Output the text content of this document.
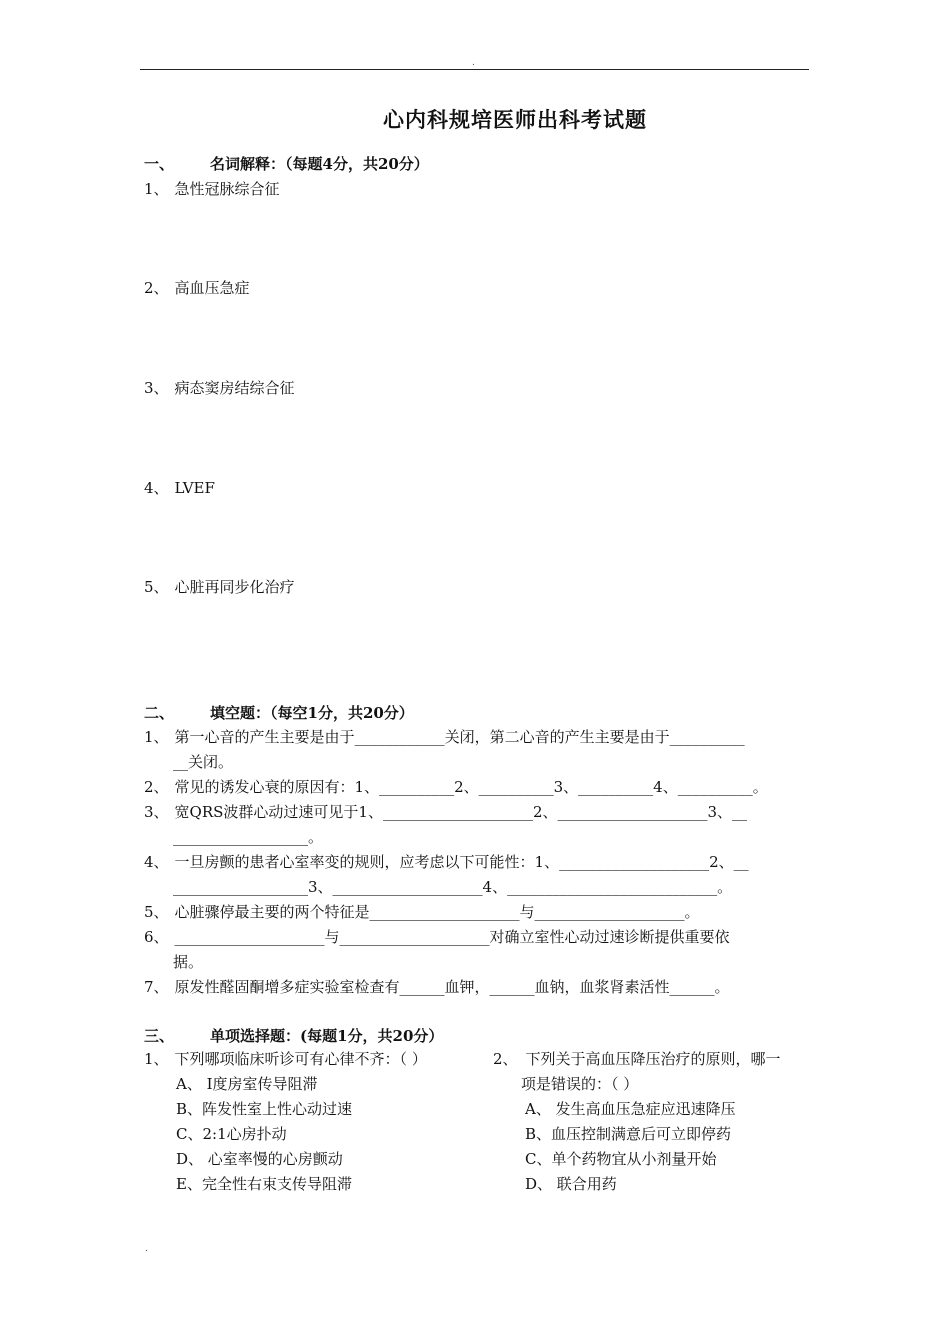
.
心内科规培医师出科考试题
一、 名词解释：（每题4分，共20分）
1、 急性冠脉综合征
2、 高血压急症
3、 病态窦房结综合征
4、 LVEF
5、 心脏再同步化治疗
二、 填空题：（每空1分，共20分）
1、 第一心音的产生主要是由于____________关闭，第二心音的产生主要是由于__________
__关闭。
2、 常见的诱发心衰的原因有：1、__________2、__________3、__________4、__________。
3、 宽QRS波群心动过速可见于1、____________________2、____________________3、__
__________________。
4、 一旦房颤的患者心室率变的规则，应考虑以下可能性：1、____________________2、__
__________________3、____________________4、____________________________。
5、 心脏骤停最主要的两个特征是____________________与____________________。
6、 ____________________与____________________对确立室性心动过速诊断提供重要依
据。
7、 原发性醛固酮增多症实验室检查有______血钾，______血钠，血浆肾素活性______。
三、 单项选择题：(每题1分，共20分）
1、 下列哪项临床听诊可有心律不齐：（ ）
A、 I度房室传导阻滞
B、阵发性室上性心动过速
C、2:1心房扑动
D、 心室率慢的心房颤动
E、完全性右束支传导阻滞
2、 下列关于高血压降压治疗的原则，哪一
项是错误的：（ ）
A、 发生高血压急症应迅速降压
B、血压控制满意后可立即停药
C、单个药物宜从小剂量开始
D、 联合用药
.
